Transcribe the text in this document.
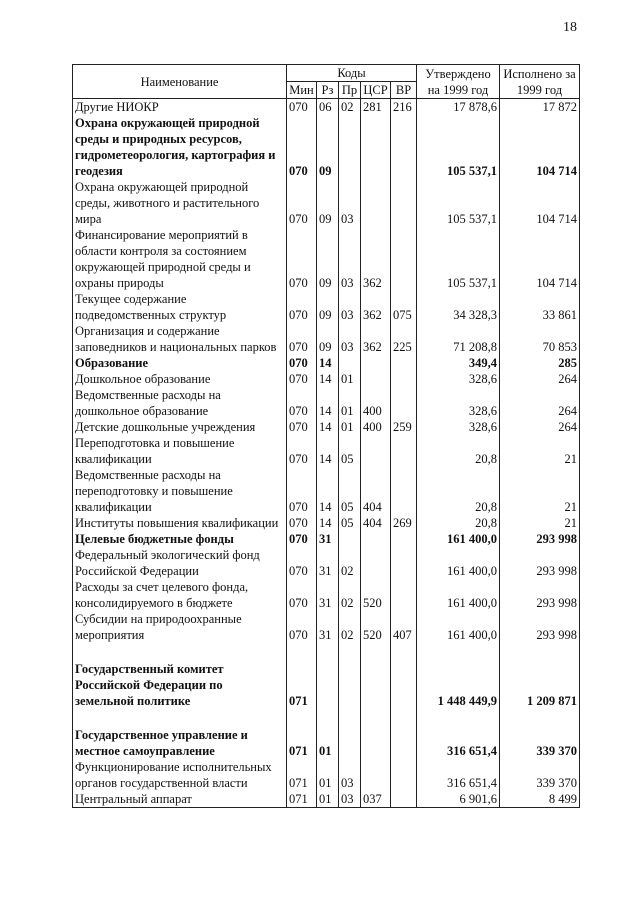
18
Наименование	Коды					Утверждено на 1999 год	Исполнено за 1999 год
	Мин	Рз	Пр	ЦСР	ВР		
Другие НИОКР	070	06	02	281	216	17 878,6	17 872
Охрана окружающей природной среды и природных ресурсов, гидрометеорология, картография и геодезия	070	09				105 537,1	104 714
Охрана окружающей природной среды, животного и растительного мира	070	09	03			105 537,1	104 714
Финансирование мероприятий в области контроля за состоянием окружающей природной среды и охраны природы	070	09	03	362		105 537,1	104 714
Текущее содержание подведомственных структур	070	09	03	362	075	34 328,3	33 861
Организация и содержание заповедников и национальных парков	070	09	03	362	225	71 208,8	70 853
Образование	070	14				349,4	285
Дошкольное образование	070	14	01			328,6	264
Ведомственные расходы на дошкольное образование	070	14	01	400		328,6	264
Детские дошкольные учреждения	070	14	01	400	259	328,6	264
Переподготовка и повышение квалификации	070	14	05			20,8	21
Ведомственные расходы на переподготовку и повышение квалификации	070	14	05	404		20,8	21
Институты повышения квалификации	070	14	05	404	269	20,8	21
Целевые бюджетные фонды	070	31				161 400,0	293 998
Федеральный экологический фонд Российской Федерации	070	31	02			161 400,0	293 998
Расходы за счет целевого фонда, консолидируемого в бюджете	070	31	02	520		161 400,0	293 998
Субсидии на природоохранные мероприятия	070	31	02	520	407	161 400,0	293 998

Государственный комитет Российской Федерации по земельной политике	071					1 448 449,9	1 209 871

Государственное управление и местное самоуправление	071	01				316 651,4	339 370
Функционирование исполнительных органов государственной власти	071	01	03			316 651,4	339 370
Центральный аппарат	071	01	03	037		6 901,6	8 499
